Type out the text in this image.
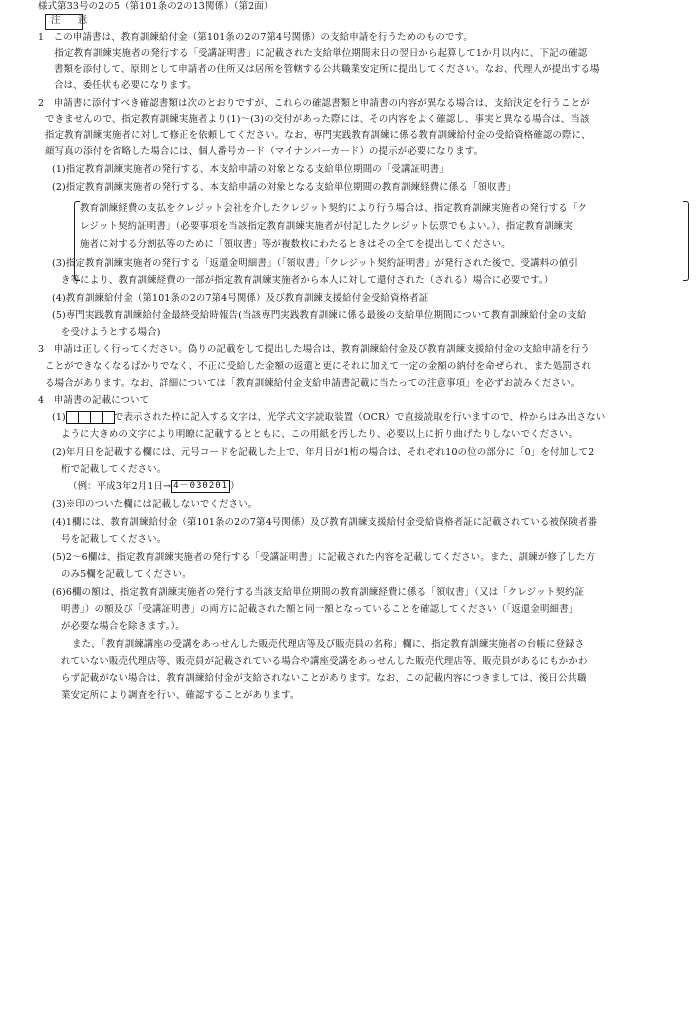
様式第33号の2の5（第101条の2の13関係）（第2面）
注　意
1　この申請書は、教育訓練給付金（第101条の2の7第4号関係）の支給申請を行うためのものです。
　指定教育訓練実施者の発行する「受講証明書」に記載された支給単位期間末日の翌日から起算して1か月以内に、下記の確認
書類を添付して、原則として申請者の住所又は居所を管轄する公共職業安定所に提出してください。なお、代理人が提出する場
合は、委任状も必要になります。
2　申請書に添付すべき確認書類は次のとおりですが、これらの確認書類と申請書の内容が異なる場合は、支給決定を行うことが
できませんので、指定教育訓練実施者より(1)～(3)の交付があった際には、その内容をよく確認し、事実と異なる場合は、当該
指定教育訓練実施者に対して修正を依頼してください。なお、専門実践教育訓練に係る教育訓練給付金の受給資格確認の際に、
顔写真の添付を省略した場合には、個人番号カード（マイナンバーカード）の提示が必要になります。
(1)指定教育訓練実施者の発行する、本支給申請の対象となる支給単位期間の「受講証明書」
(2)指定教育訓練実施者の発行する、本支給申請の対象となる支給単位期間の教育訓練経費に係る「領収書」
教育訓練経費の支払をクレジット会社を介したクレジット契約により行う場合は、指定教育訓練実施者の発行する「ク
レジット契約証明書」（必要事項を当該指定教育訓練実施者が付記したクレジット伝票でもよい。）、指定教育訓練実
施者に対する分割払等のために「領収書」等が複数枚にわたるときはその全てを提出してください。
(3)指定教育訓練実施者の発行する「返還金明細書」（「領収書」「クレジット契約証明書」が発行された後で、受講料の値引
き等により、教育訓練経費の一部が指定教育訓練実施者から本人に対して還付された（される）場合に必要です。）
(4)教育訓練給付金（第101条の2の7第4号関係）及び教育訓練支援給付金受給資格者証
(5)専門実践教育訓練給付金最終受給時報告(当該専門実践教育訓練に係る最後の支給単位期間について教育訓練給付金の支給
を受けようとする場合)
3　申請は正しく行ってください。偽りの記載をして提出した場合は、教育訓練給付金及び教育訓練支援給付金の支給申請を行う
ことができなくなるばかりでなく、不正に受給した金額の返還と更にそれに加えて一定の金額の納付を命ぜられ、また処罰され
る場合があります。なお、詳細については「教育訓練給付金支給申請書記載に当たっての注意事項」を必ずお読みください。
4　申請書の記載について
(1)	で表示された枠に記入する文字は、光学式文字読取装置（OCR）で直接読取を行いますので、枠からはみ出さない
ように大きめの文字により明瞭に記載するとともに、この用紙を汚したり、必要以上に折り曲げたりしないでください。
(2)年月日を記載する欄には、元号コードを記載した上で、年月日が1桁の場合は、それぞれ10の位の部分に「0」を付加して2
桁で記載してください。
（例：平成3年2月1日→ 4－030201 ）
(3)※印のついた欄には記載しないでください。
(4)1欄には、教育訓練給付金（第101条の2の7第4号関係）及び教育訓練支援給付金受給資格者証に記載されている被保険者番
号を記載してください。
(5)2～6欄は、指定教育訓練実施者の発行する「受講証明書」に記載された内容を記載してください。また、訓練が修了した方
のみ5欄を記載してください。
(6)6欄の額は、指定教育訓練実施者の発行する当該支給単位期間の教育訓練経費に係る「領収書」（又は「クレジット契約証
明書」）の額及び「受講証明書」の両方に記載された額と同一額となっていることを確認してください（「返還金明細書」
が必要な場合を除きます。）。
また、「教育訓練講座の受講をあっせんした販売代理店等及び販売員の名称」欄に、指定教育訓練実施者の台帳に登録さ
れていない販売代理店等、販売員が記載されている場合や講座受講をあっせんした販売代理店等、販売員があるにもかかわ
らず記載がない場合は、教育訓練給付金が支給されないことがあります。なお、この記載内容につきましては、後日公共職
業安定所により調査を行い、確認することがあります。
